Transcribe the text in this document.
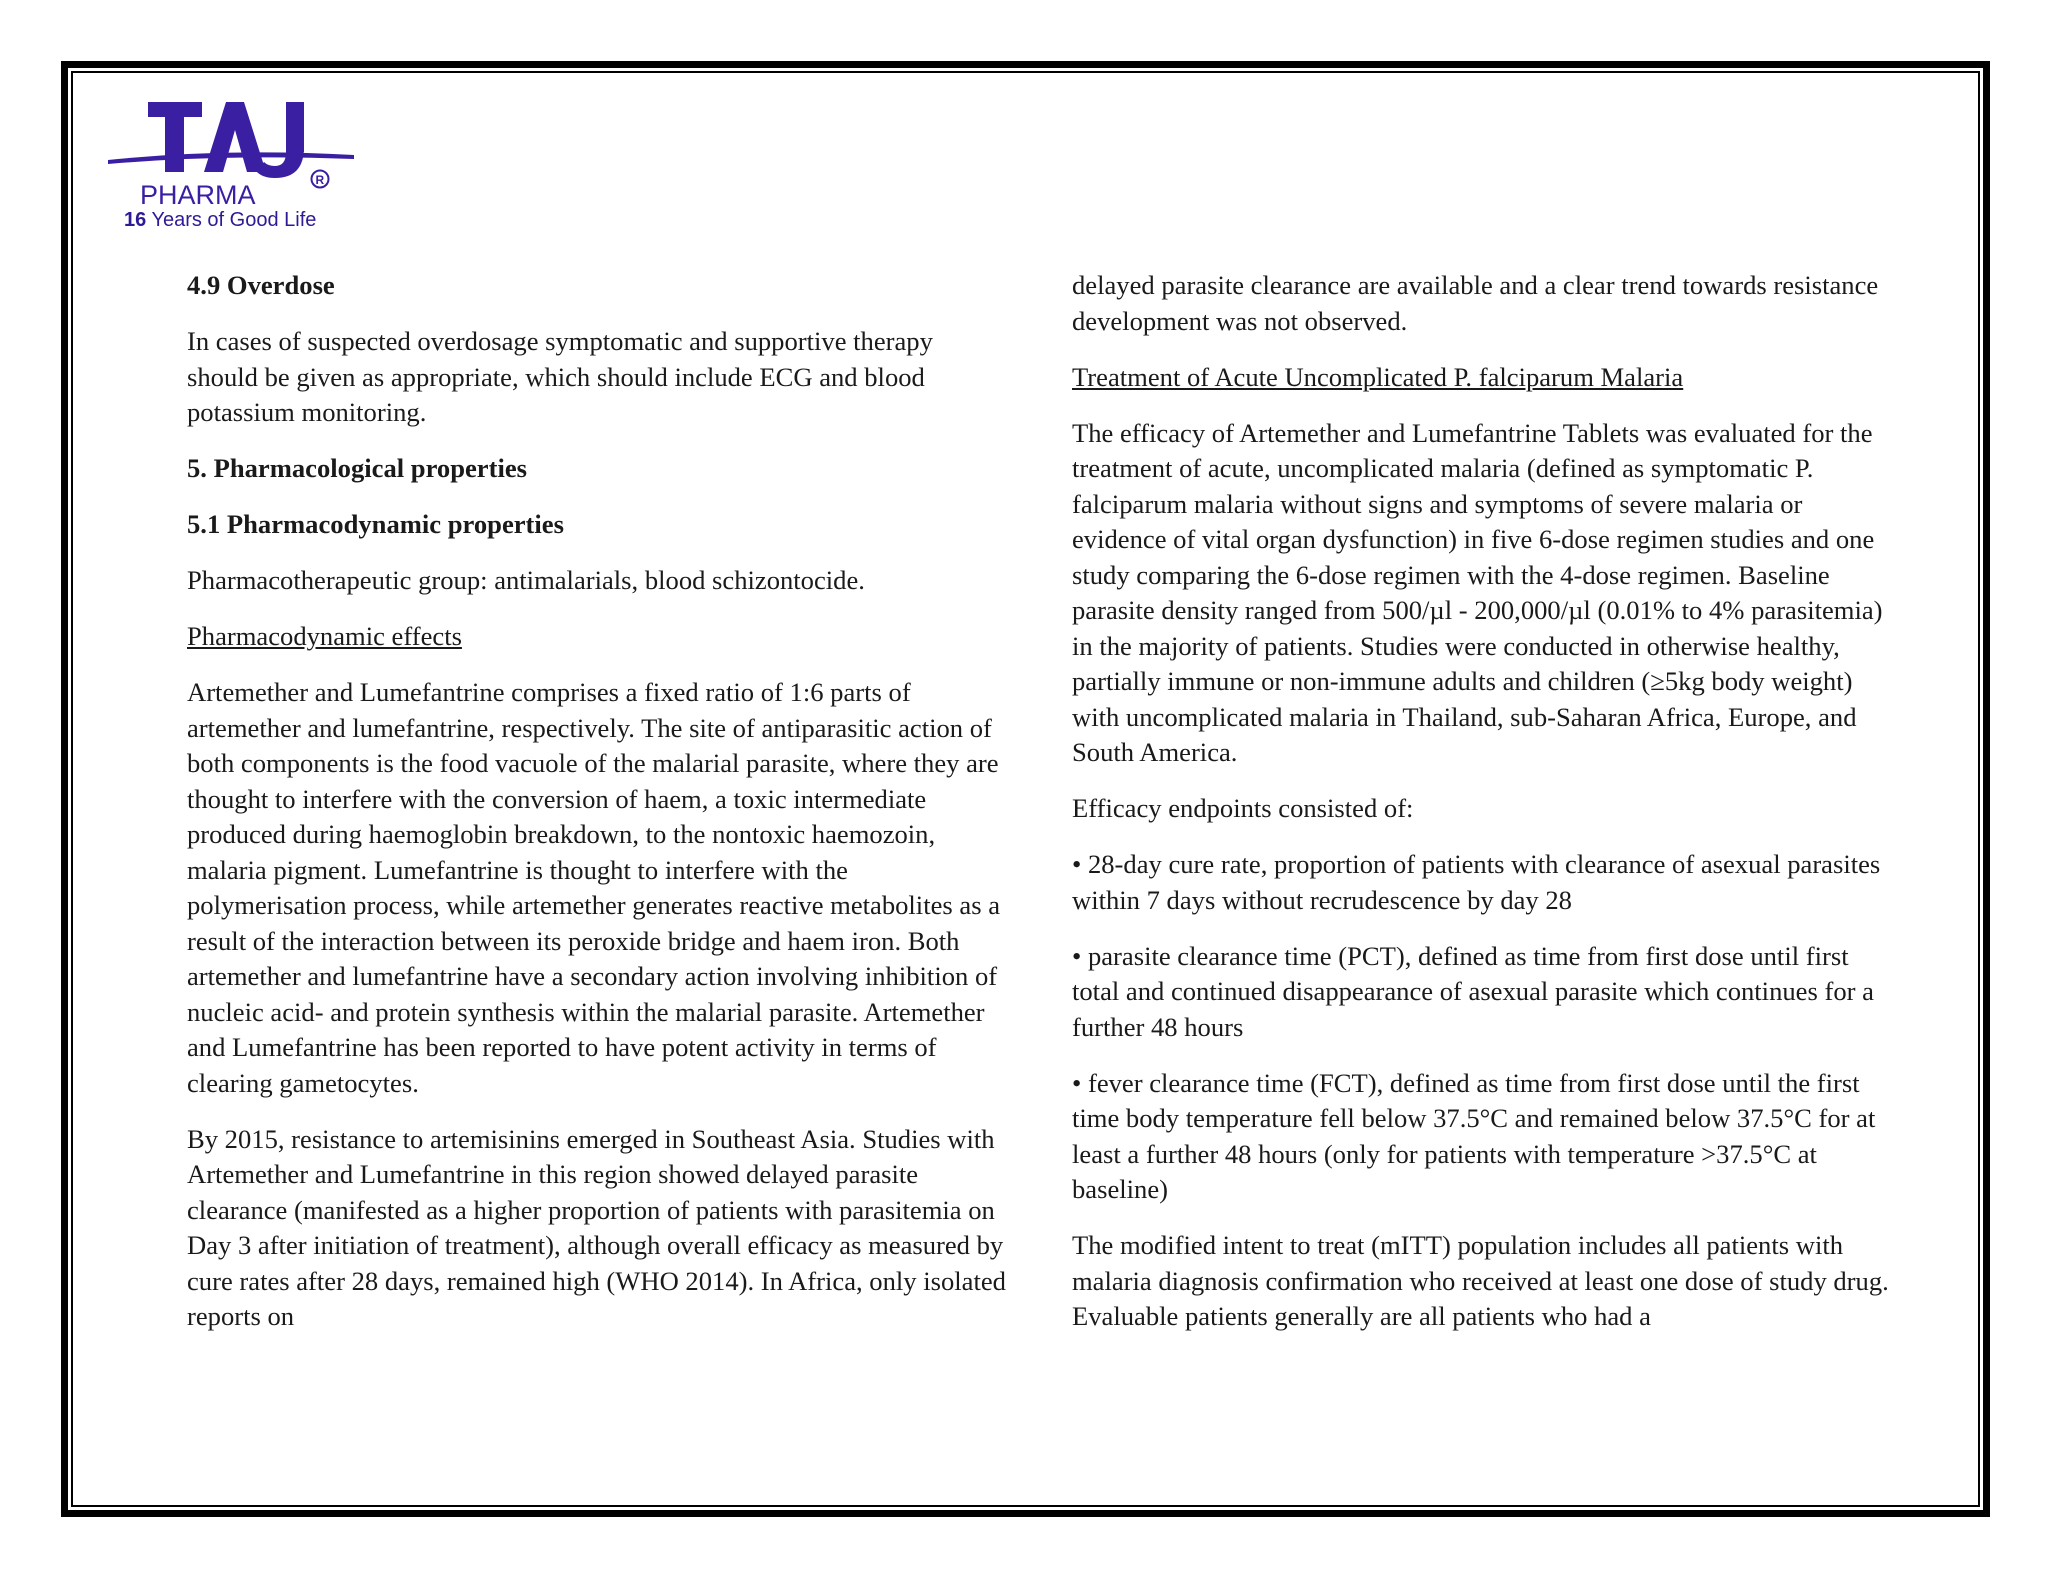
PHARMA	R
16 Years of Good Life

4.9 Overdose

In cases of suspected overdosage symptomatic and supportive therapy should be given as appropriate, which should include ECG and blood potassium monitoring.

5. Pharmacological properties

5.1 Pharmacodynamic properties

Pharmacotherapeutic group: antimalarials, blood schizontocide.

Pharmacodynamic effects

Artemether and Lumefantrine comprises a fixed ratio of 1:6 parts of artemether and lumefantrine, respectively. The site of antiparasitic action of both components is the food vacuole of the malarial parasite, where they are thought to interfere with the conversion of haem, a toxic intermediate produced during haemoglobin breakdown, to the nontoxic haemozoin, malaria pigment. Lumefantrine is thought to interfere with the polymerisation process, while artemether generates reactive metabolites as a result of the interaction between its peroxide bridge and haem iron. Both artemether and lumefantrine have a secondary action involving inhibition of nucleic acid- and protein synthesis within the malarial parasite. Artemether and Lumefantrine has been reported to have potent activity in terms of clearing gametocytes.

By 2015, resistance to artemisinins emerged in Southeast Asia. Studies with Artemether and Lumefantrine in this region showed delayed parasite clearance (manifested as a higher proportion of patients with parasitemia on Day 3 after initiation of treatment), although overall efficacy as measured by cure rates after 28 days, remained high (WHO 2014). In Africa, only isolated reports on

delayed parasite clearance are available and a clear trend towards resistance development was not observed.

Treatment of Acute Uncomplicated P. falciparum Malaria

The efficacy of Artemether and Lumefantrine Tablets was evaluated for the treatment of acute, uncomplicated malaria (defined as symptomatic P. falciparum malaria without signs and symptoms of severe malaria or evidence of vital organ dysfunction) in five 6-dose regimen studies and one study comparing the 6-dose regimen with the 4-dose regimen. Baseline parasite density ranged from 500/µl - 200,000/µl (0.01% to 4% parasitemia) in the majority of patients. Studies were conducted in otherwise healthy, partially immune or non-immune adults and children (≥5kg body weight) with uncomplicated malaria in Thailand, sub-Saharan Africa, Europe, and South America.

Efficacy endpoints consisted of:

• 28-day cure rate, proportion of patients with clearance of asexual parasites within 7 days without recrudescence by day 28

• parasite clearance time (PCT), defined as time from first dose until first total and continued disappearance of asexual parasite which continues for a further 48 hours

• fever clearance time (FCT), defined as time from first dose until the first time body temperature fell below 37.5°C and remained below 37.5°C for at least a further 48 hours (only for patients with temperature >37.5°C at baseline)

The modified intent to treat (mITT) population includes all patients with malaria diagnosis confirmation who received at least one dose of study drug. Evaluable patients generally are all patients who had a
